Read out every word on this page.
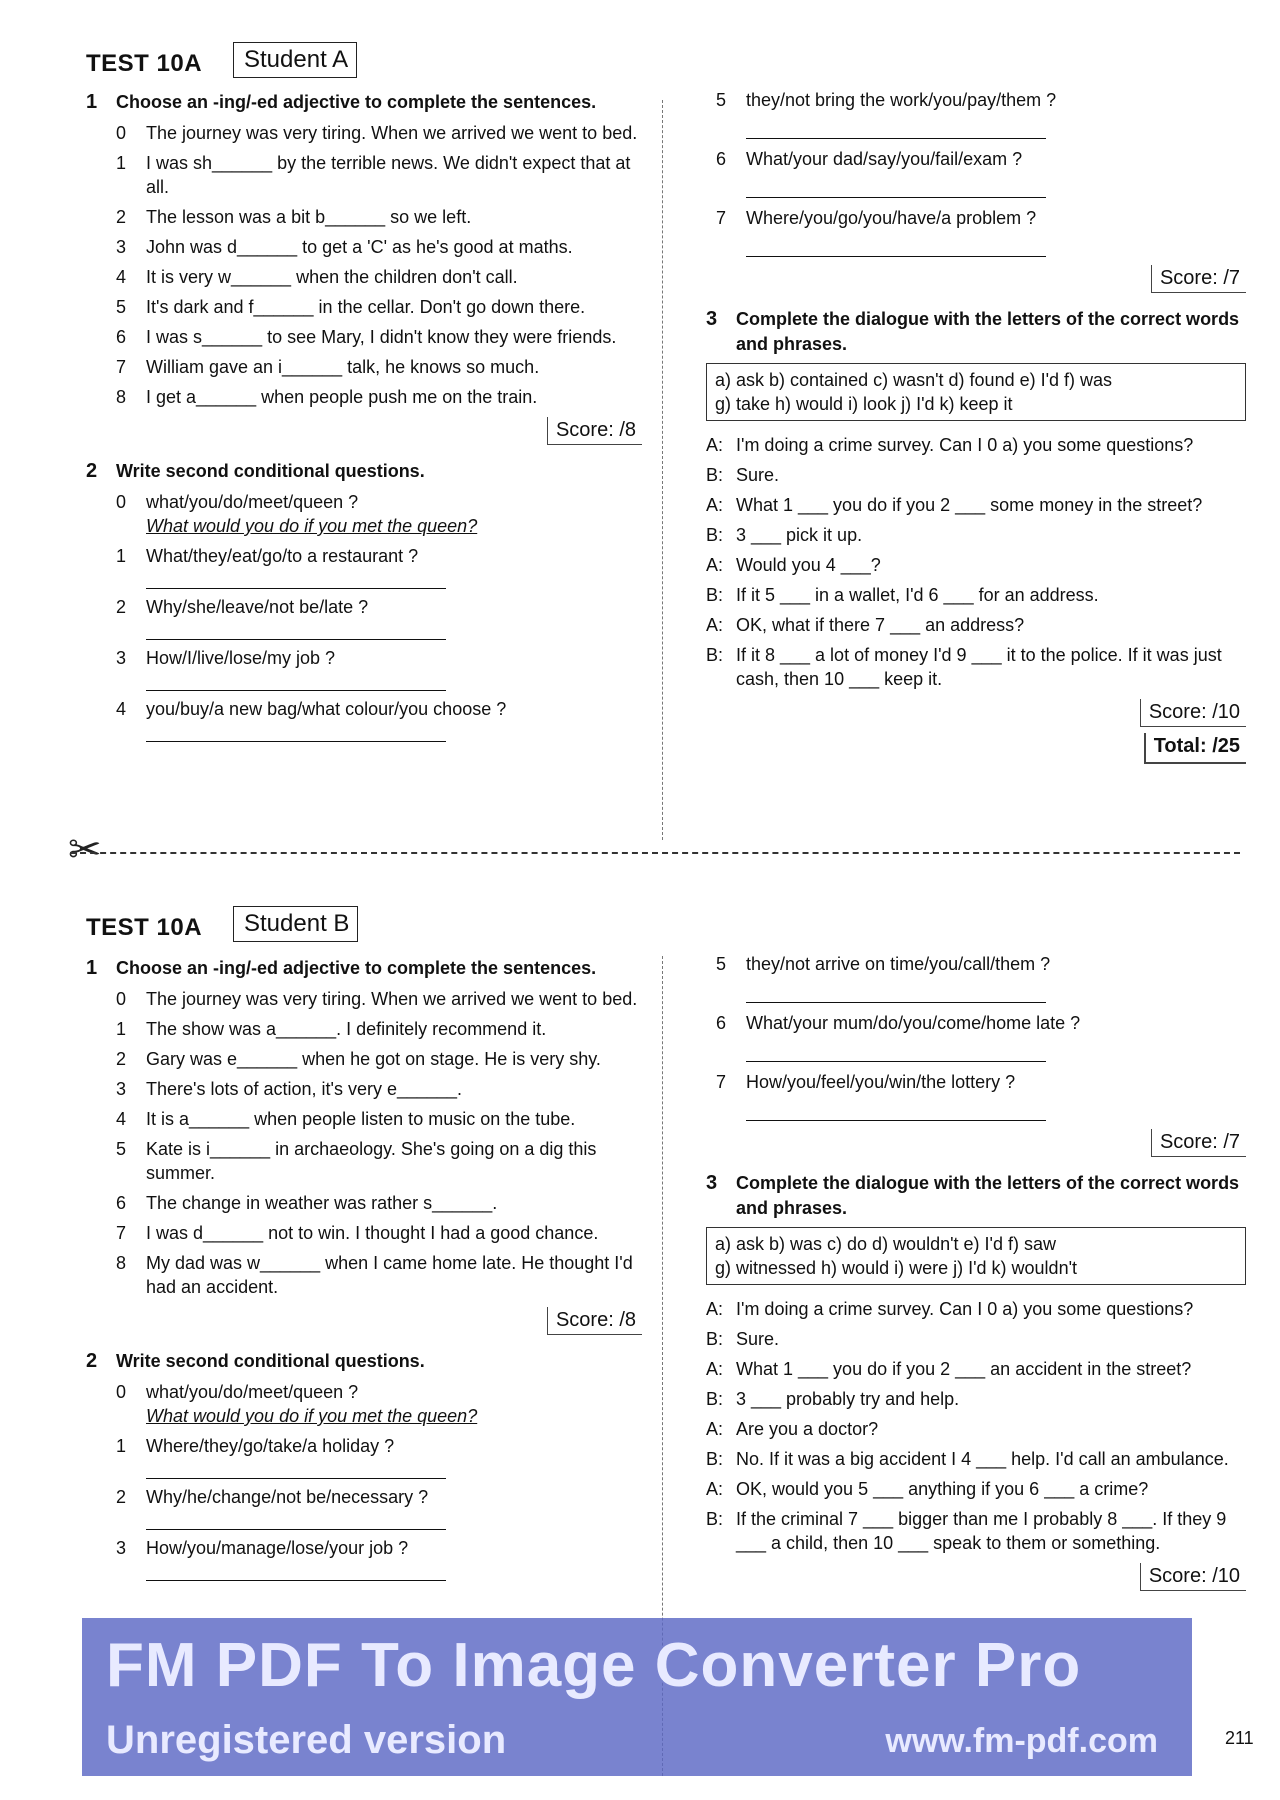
TEST 10A	Student A
1 Choose an -ing/-ed adjective to complete the sentences.
0 The journey was very tiring. When we arrived we went to bed.
1 I was sh______ by the terrible news. We didn't expect that at all.
2 The lesson was a bit b______ so we left.
3 John was d______ to get a 'C' as he's good at maths.
4 It is very w______ when the children don't call.
5 It's dark and f______ in the cellar. Don't go down there.
6 I was s______ to see Mary, I didn't know they were friends.
7 William gave an i______ talk, he knows so much.
8 I get a______ when people push me on the train.
Score: /8
2 Write second conditional questions.
0 what/you/do/meet/queen ?
What would you do if you met the queen?
1 What/they/eat/go/to a restaurant ?
2 Why/she/leave/not be/late ?
3 How/I/live/lose/my job ?
4 you/buy/a new bag/what colour/you choose ?
5 they/not bring the work/you/pay/them ?
6 What/your dad/say/you/fail/exam ?
7 Where/you/go/you/have/a problem ?
Score: /7
3 Complete the dialogue with the letters of the correct words and phrases.
a) ask b) contained c) wasn't d) found e) I'd f) was
g) take h) would i) look j) I'd k) keep it
A: I'm doing a crime survey. Can I 0 a) you some questions?
B: Sure.
A: What 1 ___ you do if you 2 ___ some money in the street?
B: 3 ___ pick it up.
A: Would you 4 ___?
B: If it 5 ___ in a wallet, I'd 6 ___ for an address.
A: OK, what if there 7 ___ an address?
B: If it 8 ___ a lot of money I'd 9 ___ it to the police. If it was just cash, then 10 ___ keep it.
Score: /10
Total: /25
✂
TEST 10A	Student B
1 Choose an -ing/-ed adjective to complete the sentences.
0 The journey was very tiring. When we arrived we went to bed.
1 The show was a______. I definitely recommend it.
2 Gary was e______ when he got on stage. He is very shy.
3 There's lots of action, it's very e______.
4 It is a______ when people listen to music on the tube.
5 Kate is i______ in archaeology. She's going on a dig this summer.
6 The change in weather was rather s______.
7 I was d______ not to win. I thought I had a good chance.
8 My dad was w______ when I came home late. He thought I'd had an accident.
Score: /8
2 Write second conditional questions.
0 what/you/do/meet/queen ?
What would you do if you met the queen?
1 Where/they/go/take/a holiday ?
2 Why/he/change/not be/necessary ?
3 How/you/manage/lose/your job ?
5 they/not arrive on time/you/call/them ?
6 What/your mum/do/you/come/home late ?
7 How/you/feel/you/win/the lottery ?
Score: /7
3 Complete the dialogue with the letters of the correct words and phrases.
a) ask b) was c) do d) wouldn't e) I'd f) saw
g) witnessed h) would i) were j) I'd k) wouldn't
A: I'm doing a crime survey. Can I 0 a) you some questions?
B: Sure.
A: What 1 ___ you do if you 2 ___ an accident in the street?
B: 3 ___ probably try and help.
A: Are you a doctor?
B: No. If it was a big accident I 4 ___ help. I'd call an ambulance.
A: OK, would you 5 ___ anything if you 6 ___ a crime?
B: If the criminal 7 ___ bigger than me I probably 8 ___. If they 9 ___ a child, then 10 ___ speak to them or something.
Score: /10
FM PDF To Image Converter Pro
Unregistered version	www.fm-pdf.com	211
